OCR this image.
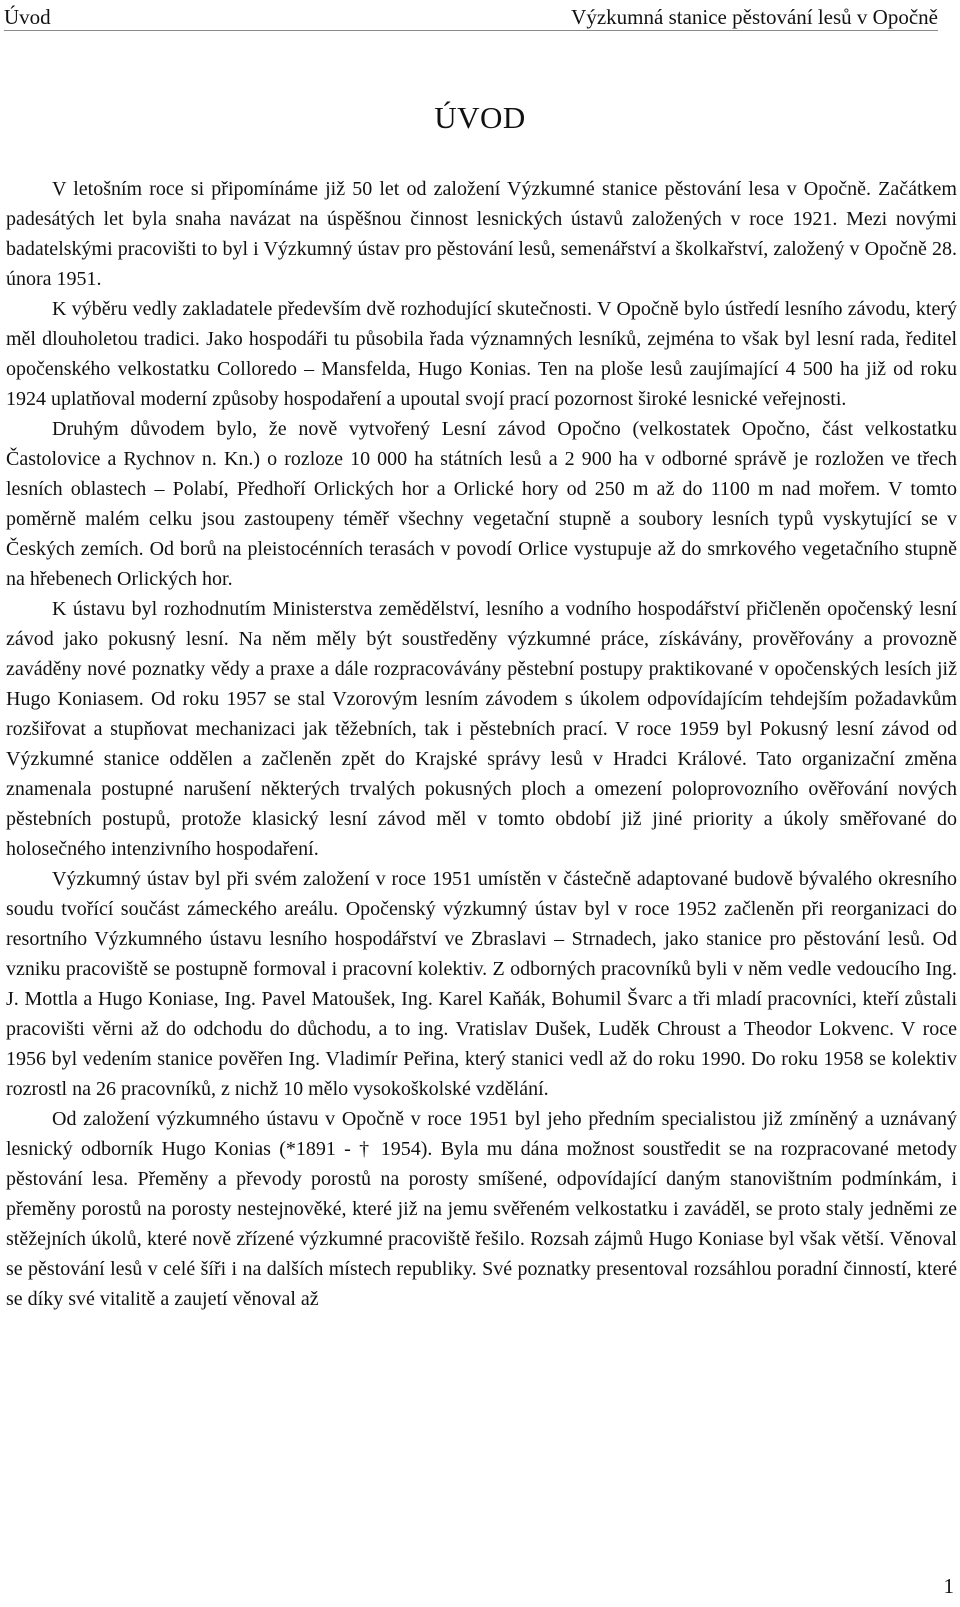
Úvod	Výzkumná stanice pěstování lesů v Opočně
ÚVOD

V letošním roce si připomínáme již 50 let od založení Výzkumné stanice pěstování lesa v Opočně. Začátkem padesátých let byla snaha navázat na úspěšnou činnost lesnických ústavů založených v roce 1921. Mezi novými badatelskými pracovišti to byl i Výzkumný ústav pro pěstování lesů, semenářství a školkařství, založený v Opočně 28. února 1951.

K výběru vedly zakladatele především dvě rozhodující skutečnosti. V Opočně bylo ústředí lesního závodu, který měl dlouholetou tradici. Jako hospodáři tu působila řada významných lesníků, zejména to však byl lesní rada, ředitel opočenského velkostatku Colloredo – Mansfelda, Hugo Konias. Ten na ploše lesů zaujímající 4 500 ha již od roku 1924 uplatňoval moderní způsoby hospodaření a upoutal svojí prací pozornost široké lesnické veřejnosti.

Druhým důvodem bylo, že nově vytvořený Lesní závod Opočno (velkostatek Opočno, část velkostatku Častolovice a Rychnov n. Kn.) o rozloze 10 000 ha státních lesů a 2 900 ha v odborné správě je rozložen ve třech lesních oblastech – Polabí, Předhoří Orlických hor a Orlické hory od 250 m až do 1100 m nad mořem. V tomto poměrně malém celku jsou zastoupeny téměř všechny vegetační stupně a soubory lesních typů vyskytující se v Českých zemích. Od borů na pleistocénních terasách v povodí Orlice vystupuje až do smrkového vegetačního stupně na hřebenech Orlických hor.

K ústavu byl rozhodnutím Ministerstva zemědělství, lesního a vodního hospodářství přičleněn opočenský lesní závod jako pokusný lesní. Na něm měly být soustředěny výzkumné práce, získávány, prověřovány a provozně zaváděny nové poznatky vědy a praxe a dále rozpracovávány pěstební postupy praktikované v opočenských lesích již Hugo Koniasem. Od roku 1957 se stal Vzorovým lesním závodem s úkolem odpovídajícím tehdejším požadavkům rozšiřovat a stupňovat mechanizaci jak těžebních, tak i pěstebních prací. V roce 1959 byl Pokusný lesní závod od Výzkumné stanice oddělen a začleněn zpět do Krajské správy lesů v Hradci Králové. Tato organizační změna znamenala postupné narušení některých trvalých pokusných ploch a omezení poloprovozního ověřování nových pěstebních postupů, protože klasický lesní závod měl v tomto období již jiné priority a úkoly směřované do holosečného intenzivního hospodaření.

Výzkumný ústav byl při svém založení v roce 1951 umístěn v částečně adaptované budově bývalého okresního soudu tvořící součást zámeckého areálu. Opočenský výzkumný ústav byl v roce 1952 začleněn při reorganizaci do resortního Výzkumného ústavu lesního hospodářství ve Zbraslavi – Strnadech, jako stanice pro pěstování lesů. Od vzniku pracoviště se postupně formoval i pracovní kolektiv. Z odborných pracovníků byli v něm vedle vedoucího Ing. J. Mottla a Hugo Koniase, Ing. Pavel Matoušek, Ing. Karel Kaňák, Bohumil Švarc a tři mladí pracovníci, kteří zůstali pracovišti věrni až do odchodu do důchodu, a to ing. Vratislav Dušek, Luděk Chroust a Theodor Lokvenc. V roce 1956 byl vedením stanice pověřen Ing. Vladimír Peřina, který stanici vedl až do roku 1990. Do roku 1958 se kolektiv rozrostl na 26 pracovníků, z nichž 10 mělo vysokoškolské vzdělání.

Od založení výzkumného ústavu v Opočně v roce 1951 byl jeho předním specialistou již zmíněný a uznávaný lesnický odborník Hugo Konias (*1891 - † 1954). Byla mu dána možnost soustředit se na rozpracované metody pěstování lesa. Přeměny a převody porostů na porosty smíšené, odpovídající daným stanovištním podmínkám, i přeměny porostů na porosty nestejnověké, které již na jemu svěřeném velkostatku i zaváděl, se proto staly jedněmi ze stěžejních úkolů, které nově zřízené výzkumné pracoviště řešilo. Rozsah zájmů Hugo Koniase byl však větší. Věnoval se pěstování lesů v celé šíři i na dalších místech republiky. Své poznatky presentoval rozsáhlou poradní činností, které se díky své vitalitě a zaujetí věnoval až

1
